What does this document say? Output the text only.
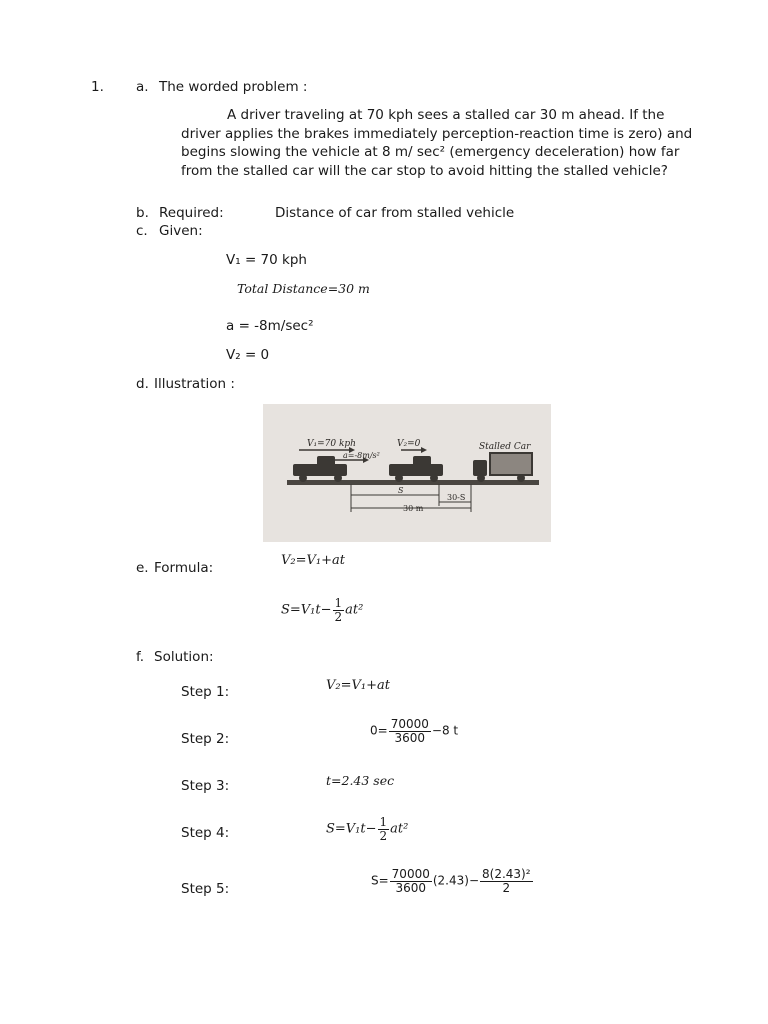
1. a. The worded problem :
A driver traveling at 70 kph sees a stalled car 30 m ahead. If the driver applies the brakes immediately perception-reaction time is zero) and begins slowing the vehicle at 8 m/ sec² (emergency deceleration) how far from the stalled car will the car stop to avoid hitting the stalled vehicle?
b. Required:	Distance of car from stalled vehicle
c. Given:
V₁ = 70 kph
Total Distance=30 m
a = -8m/sec²
V₂ = 0
d. Illustration :
V₁=70 kph
a=-8m/s²
V₂=0	Stalled Car
S
30-S
30 m
e. Formula:	V₂=V₁+at
$S=V_1t- \frac{1}{2} at^2$
f. Solution:
Step 1:	V₂=V₁+at
Step 2:
$0= \frac{70000}{3600} -8$ t
Step 3:	t=2.43 sec
Step 4:	$S=V_1t- \frac{1}{2} at^2$
Step 5:
$S= \frac{70000}{3600} (2.43)- \frac{\text{8(2.43)²}}{2}$
